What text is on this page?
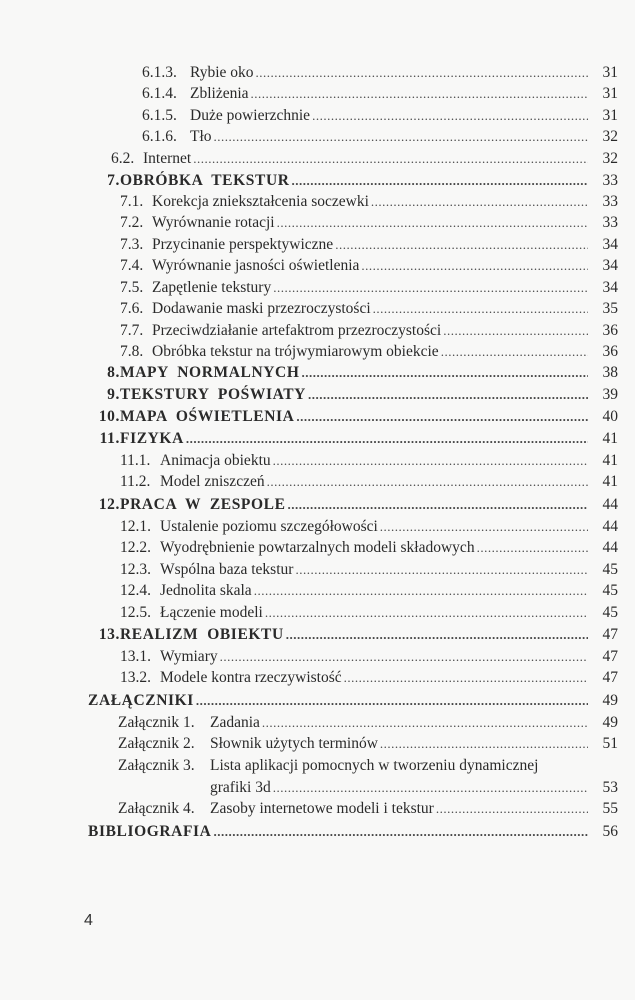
6.1.3. Rybie oko .....	31
6.1.4. Zbliżenia .....	31
6.1.5. Duże powierzchnie .....	31
6.1.6. Tło .....	32
6.2. Internet .....	32
7. OBRÓBKA  TEKSTUR .....	33
7.1. Korekcja zniekształcenia soczewki .....	33
7.2. Wyrównanie rotacji .....	33
7.3. Przycinanie perspektywiczne .....	34
7.4. Wyrównanie jasności oświetlenia .....	34
7.5. Zapętlenie tekstury .....	34
7.6. Dodawanie maski przezroczystości .....	35
7.7. Przeciwdziałanie artefaktrom przezroczystości .....	36
7.8. Obróbka tekstur na trójwymiarowym obiekcie .....	36
8. MAPY  NORMALNYCH .....	38
9. TEKSTURY  POŚWIATY .....	39
10. MAPA  OŚWIETLENIA .....	40
11. FIZYKA .....	41
11.1. Animacja obiektu .....	41
11.2. Model zniszczeń .....	41
12. PRACA  W  ZESPOLE .....	44
12.1. Ustalenie poziomu szczegółowości .....	44
12.2. Wyodrębnienie powtarzalnych modeli składowych .....	44
12.3. Wspólna baza tekstur .....	45
12.4. Jednolita skala .....	45
12.5. Łączenie modeli .....	45
13. REALIZM  OBIEKTU .....	47
13.1. Wymiary .....	47
13.2. Modele kontra rzeczywistość .....	47
ZAŁĄCZNIKI .....	49
Załącznik 1. Zadania .....	49
Załącznik 2. Słownik użytych terminów .....	51
Załącznik 3. Lista aplikacji pomocnych w tworzeniu dynamicznej
grafiki 3d .....	53
Załącznik 4. Zasoby internetowe modeli i tekstur .....	55
BIBLIOGRAFIA .....	56
4
